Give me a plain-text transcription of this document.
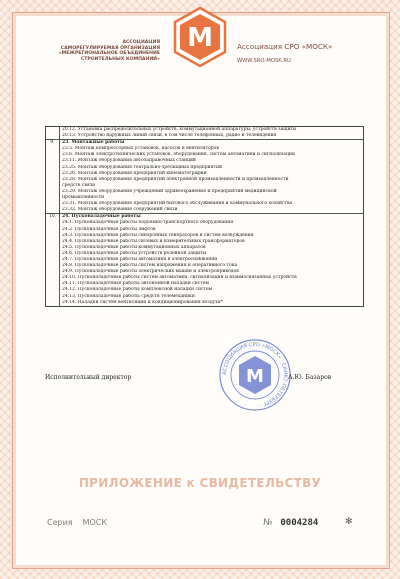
М
АССОЦИАЦИЯ
САМОРЕГУЛИРУЕМАЯ ОРГАНИЗАЦИЯ
«МЕЖРЕГИОНАЛЬНОЕ ОБЪЕДИНЕНИЕ
СТРОИТЕЛЬНЫХ КОМПАНИЙ»
Ассоциация СРО «МОСК»
WWW.SRO-MOSK.RU
20.12. Установка распределительных устройств, коммутационной аппаратуры, устройств защиты
20.13. Устройство наружных линий связи, в том числе телефонных, радио и телевидения
9.	23. Монтажные работы
23.5. Монтаж компрессорных установок, насосов и вентиляторов
23.6. Монтаж электротехнических установок, оборудования, систем автоматики и сигнализации
23.11. Монтаж оборудования автозаправочных станций
23.25. Монтаж оборудования театрально-зрелищных предприятий
23.26. Монтаж оборудования предприятий кинематографии
23.28. Монтаж оборудования предприятий электронной промышленности и промышленности
средств связи
23.29. Монтаж оборудования учреждений здравоохранения и предприятий медицинской
промышленности
23.31. Монтаж оборудования предприятий бытового обслуживания и коммунального хозяйства
23.33. Монтаж оборудования сооружений связи
10.	24. Пусконаладочные работы
24.1. Пусконаладочные работы подъемно-транспортного оборудования
24.2. Пусконаладочные работы лифтов
24.3. Пусконаладочные работы синхронных генераторов и систем возбуждения
24.4. Пусконаладочные работы силовых и измерительных трансформаторов
24.5. Пусконаладочные работы коммутационных аппаратов
24.6. Пусконаладочные работы устройств релейной защиты
24.7. Пусконаладочные работы автоматики в электроснабжении
24.8. Пусконаладочные работы систем напряжения и оперативного тока
24.9. Пусконаладочные работы электрических машин и электроприводов
24.10. Пусконаладочные работы систем автоматики, сигнализации и взаимосвязанных устройств
24.11. Пусконаладочные работы автономной наладки систем
24.12. Пусконаладочные работы комплексной наладки систем
24.13. Пусконаладочные работы средств телемеханики
24.14. Наладки систем вентиляции и кондиционирования воздуха*
АССОЦИАЦИЯ СРО «МОСК» · САНКТ-ПЕТЕРБУРГ ·
М
Исполнительный директор	А.Ю. Базаров
ПРИЛОЖЕНИЕ к СВИДЕТЕЛЬСТВУ
Серия МОСК	№ 0004284	✻
